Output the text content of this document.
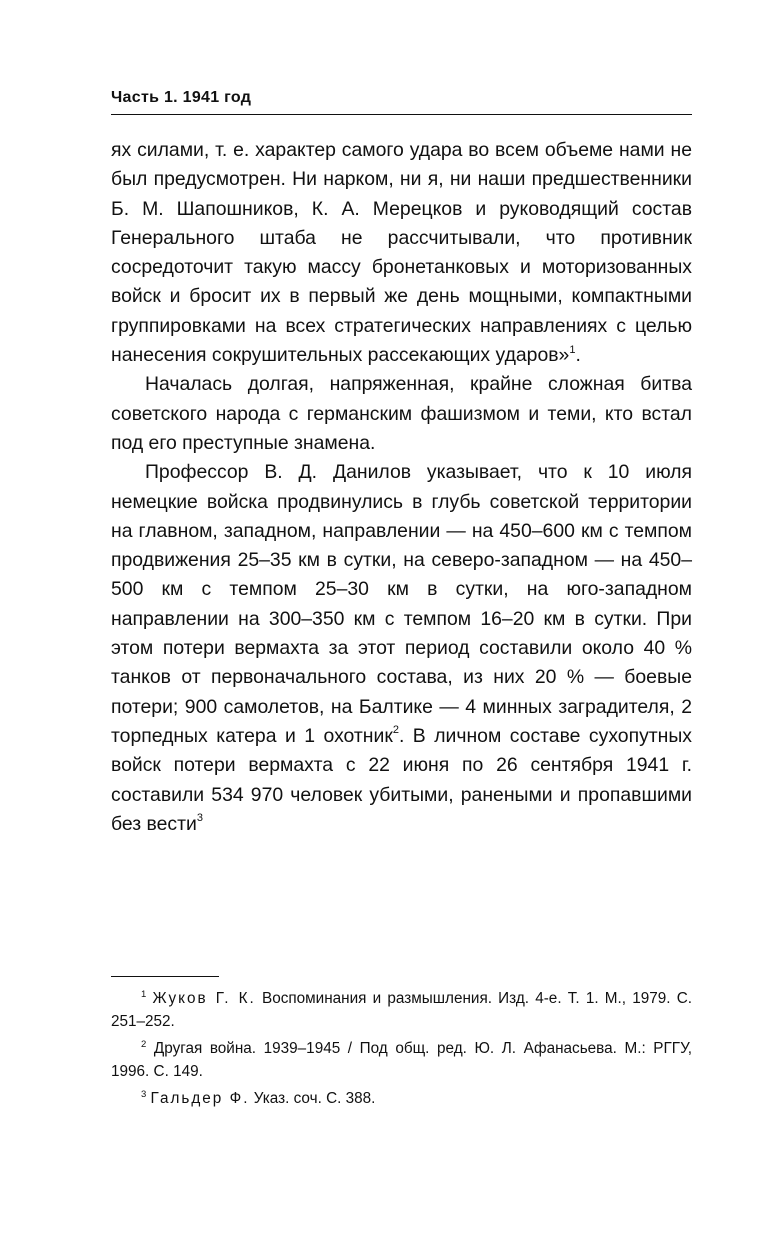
Часть 1. 1941 год

ях силами, т. е. характер самого удара во всем объеме нами не был предусмотрен. Ни нарком, ни я, ни наши предшественники Б. М. Шапошников, К. А. Мерецков и руководящий состав Генерального штаба не рассчитывали, что противник сосредоточит такую массу бронетанковых и моторизованных войск и бросит их в первый же день мощными, компактными группировками на всех стратегических направлениях с целью нанесения сокрушительных рассекающих ударов»$^1$.

Началась долгая, напряженная, крайне сложная битва советского народа с германским фашизмом и теми, кто встал под его преступные знамена.

Профессор В. Д. Данилов указывает, что к 10 июля немецкие войска продвинулись в глубь советской территории на главном, западном, направлении — на 450–600 км с темпом продвижения 25–35 км в сутки, на северо-западном — на 450–500 км с темпом 25–30 км в сутки, на юго-западном направлении на 300–350 км с темпом 16–20 км в сутки. При этом потери вермахта за этот период составили около 40 % танков от первоначального состава, из них 20 % — боевые потери; 900 самолетов, на Балтике — 4 минных заградителя, 2 торпедных катера и 1 охотник$^2$. В личном составе сухопутных войск потери вермахта с 22 июня по 26 сентября 1941 г. составили 534 970 человек убитыми, ранеными и пропавшими без вести$^3$

$^1$ Жуков Г. К. Воспоминания и размышления. Изд. 4-е. Т. 1. М., 1979. С. 251–252.

$^2$ Другая война. 1939–1945 / Под общ. ред. Ю. Л. Афанасьева. М.: РГГУ, 1996. С. 149.

$^3$ Гальдер Ф. Указ. соч. С. 388.
